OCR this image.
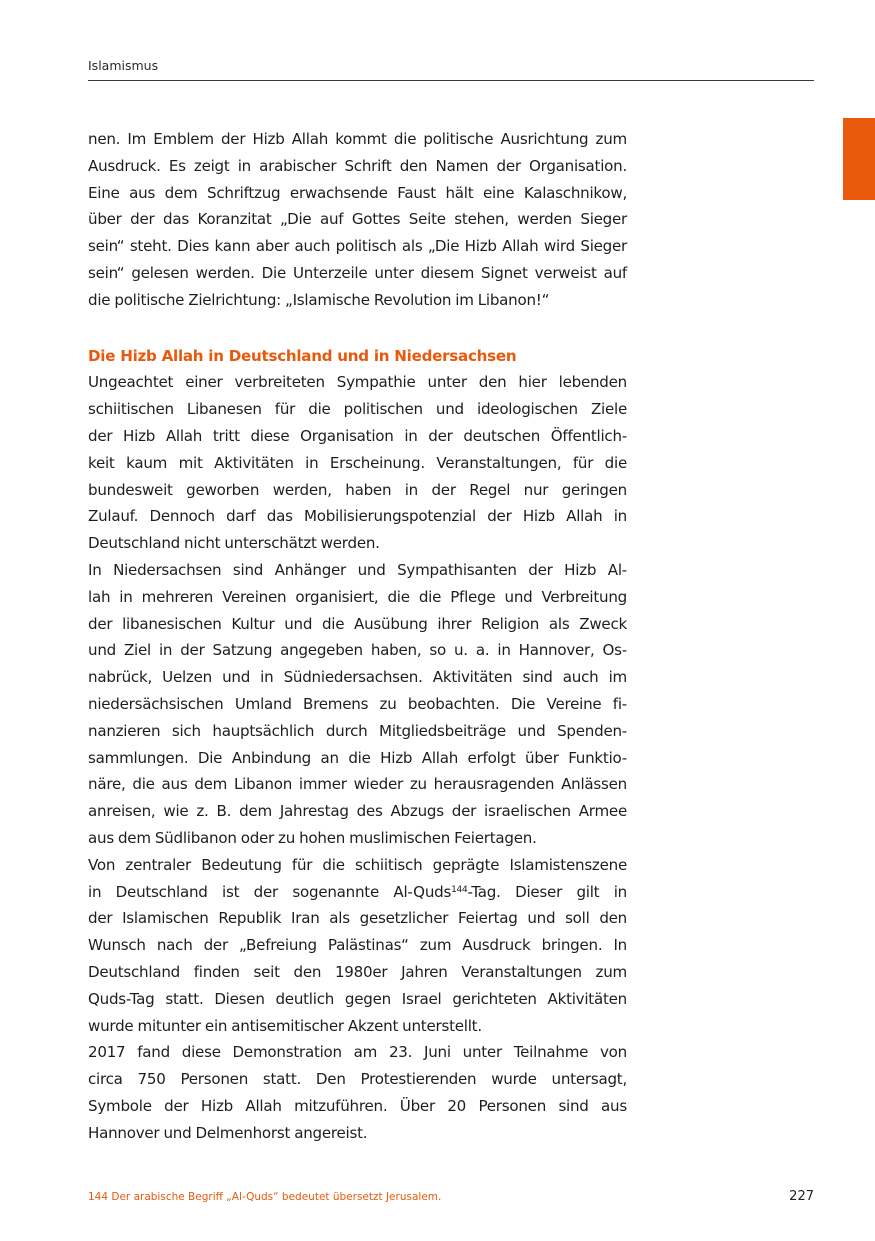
Islamismus
nen. Im Emblem der Hizb Allah kommt die politische Ausrichtung zum
Ausdruck. Es zeigt in arabischer Schrift den Namen der Organisation.
Eine aus dem Schriftzug erwachsende Faust hält eine Kalaschnikow,
über der das Koranzitat „Die auf Gottes Seite stehen, werden Sieger
sein“ steht. Dies kann aber auch politisch als „Die Hizb Allah wird Sieger
sein“ gelesen werden. Die Unterzeile unter diesem Signet verweist auf
die politische Zielrichtung: „Islamische Revolution im Libanon!“
Die Hizb Allah in Deutschland und in Niedersachsen
Ungeachtet einer verbreiteten Sympathie unter den hier lebenden
schiitischen Libanesen für die politischen und ideologischen Ziele
der Hizb Allah tritt diese Organisation in der deutschen Öffentlich-
keit kaum mit Aktivitäten in Erscheinung. Veranstaltungen, für die
bundesweit geworben werden, haben in der Regel nur geringen
Zulauf. Dennoch darf das Mobilisierungspotenzial der Hizb Allah in
Deutschland nicht unterschätzt werden.
In Niedersachsen sind Anhänger und Sympathisanten der Hizb Al-
lah in mehreren Vereinen organisiert, die die Pflege und Verbreitung
der libanesischen Kultur und die Ausübung ihrer Religion als Zweck
und Ziel in der Satzung angegeben haben, so u. a. in Hannover, Os-
nabrück, Uelzen und in Südniedersachsen. Aktivitäten sind auch im
niedersächsischen Umland Bremens zu beobachten. Die Vereine fi-
nanzieren sich hauptsächlich durch Mitgliedsbeiträge und Spenden-
sammlungen. Die Anbindung an die Hizb Allah erfolgt über Funktio-
näre, die aus dem Libanon immer wieder zu herausragenden Anlässen
anreisen, wie z. B. dem Jahrestag des Abzugs der israelischen Armee
aus dem Südlibanon oder zu hohen muslimischen Feiertagen.
Von zentraler Bedeutung für die schiitisch geprägte Islamistenszene
in Deutschland ist der sogenannte Al-Quds$^{144}$-Tag. Dieser gilt in
der Islamischen Republik Iran als gesetzlicher Feiertag und soll den
Wunsch nach der „Befreiung Palästinas“ zum Ausdruck bringen. In
Deutschland finden seit den 1980er Jahren Veranstaltungen zum
Quds-Tag statt. Diesen deutlich gegen Israel gerichteten Aktivitäten
wurde mitunter ein antisemitischer Akzent unterstellt.
2017 fand diese Demonstration am 23. Juni unter Teilnahme von
circa 750 Personen statt. Den Protestierenden wurde untersagt,
Symbole der Hizb Allah mitzuführen. Über 20 Personen sind aus
Hannover und Delmenhorst angereist.
144 Der arabische Begriff „Al-Quds“ bedeutet übersetzt Jerusalem.	227
